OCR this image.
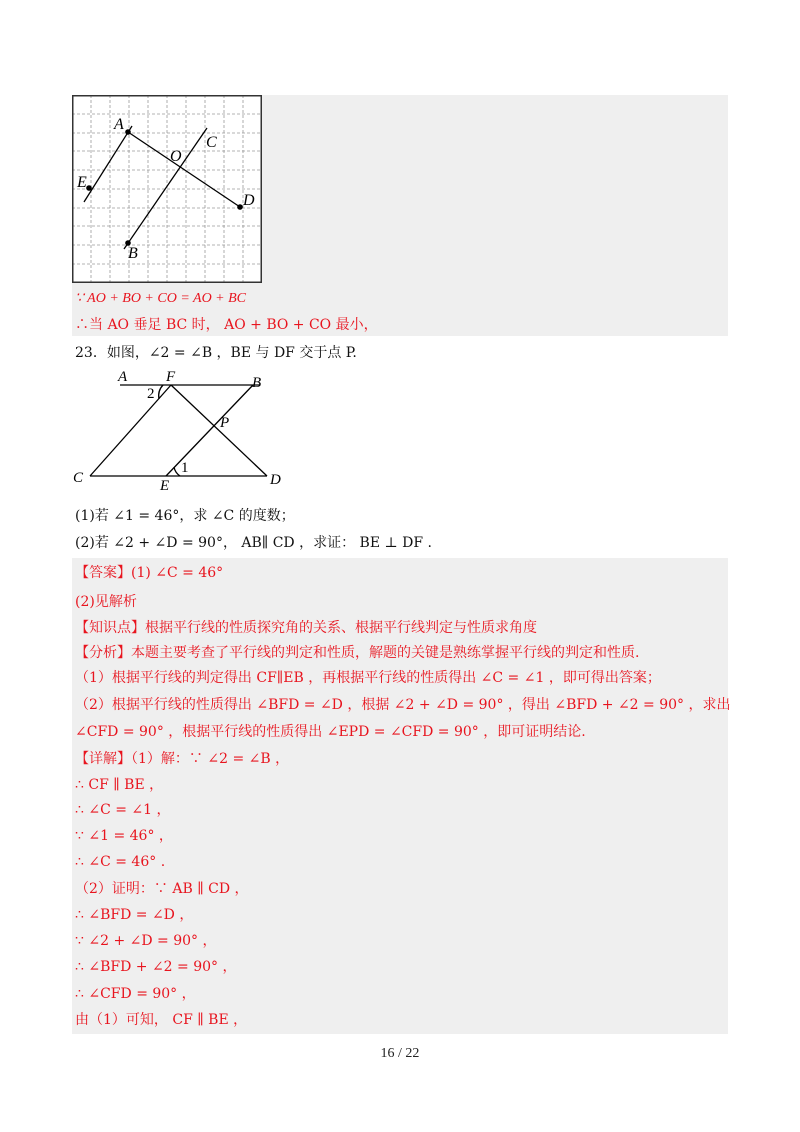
A
C
O
E
D
B
∵ AO + BO + CO = AO + BC
∴当 AO 垂足 BC 时， AO + BO + CO 最小，
23．如图，∠2 = ∠B ，BE 与 DF 交于点 P.
A	F	B
2
P
C	E
1
D
(1)若 ∠1 = 46°，求 ∠C 的度数；
(2)若 ∠2 + ∠D = 90°， AB∥ CD ，求证： BE ⊥ DF .
【答案】(1) ∠C = 46°
(2)见解析
【知识点】根据平行线的性质探究角的关系、根据平行线判定与性质求角度
【分析】本题主要考查了平行线的判定和性质，解题的关键是熟练掌握平行线的判定和性质.
（1）根据平行线的判定得出 CF∥EB ，再根据平行线的性质得出 ∠C = ∠1 ，即可得出答案；
（2）根据平行线的性质得出 ∠BFD = ∠D ，根据 ∠2 + ∠D = 90° ，得出 ∠BFD + ∠2 = 90° ，求出
∠CFD = 90° ，根据平行线的性质得出 ∠EPD = ∠CFD = 90° ，即可证明结论.
【详解】（1）解：∵ ∠2 = ∠B ，
∴ CF ∥ BE ，
∴ ∠C = ∠1 ，
∵ ∠1 = 46° ，
∴ ∠C = 46° .
（2）证明：∵ AB ∥ CD ，
∴ ∠BFD = ∠D ，
∵ ∠2 + ∠D = 90° ，
∴ ∠BFD + ∠2 = 90° ，
∴ ∠CFD = 90° ，
由（1）可知， CF ∥ BE ，
16 / 22
